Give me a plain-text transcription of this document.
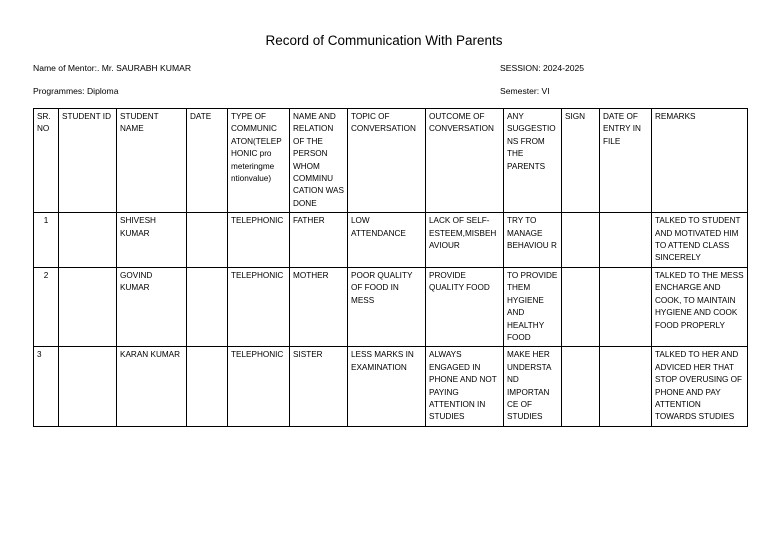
Record of Communication With Parents
Name of Mentor:. Mr. SAURABH KUMAR	SESSION: 2024-2025
Programmes: Diploma	Semester: VI
SR. NO	STUDENT ID	STUDENT NAME	DATE	TYPE OF COMMUNIC ATON(TELEP HONIC pro meteringme ntionvalue)	NAME AND RELATION OF THE PERSON WHOM COMMINU CATION WAS DONE	TOPIC OF CONVERSATION	OUTCOME OF CONVERSATION	ANY SUGGESTIO NS FROM THE PARENTS	SIGN	DATE OF ENTRY IN FILE	REMARKS
1		SHIVESH KUMAR		TELEPHONIC	FATHER	LOW ATTENDANCE	LACK OF SELF-ESTEEM,MISBEH AVIOUR	TRY TO MANAGE BEHAVIOU R			TALKED TO STUDENT AND MOTIVATED HIM TO ATTEND CLASS SINCERELY
2		GOVIND KUMAR		TELEPHONIC	MOTHER	POOR QUALITY OF FOOD IN MESS	PROVIDE QUALITY FOOD	TO PROVIDE THEM HYGIENE AND HEALTHY FOOD			TALKED TO THE MESS ENCHARGE AND COOK, TO MAINTAIN HYGIENE AND COOK FOOD PROPERLY
3		KARAN KUMAR		TELEPHONIC	SISTER	LESS MARKS IN EXAMINATION	ALWAYS ENGAGED IN PHONE AND NOT PAYING ATTENTION IN STUDIES	MAKE HER UNDERSTA ND IMPORTAN CE OF STUDIES			TALKED TO HER AND ADVICED HER THAT STOP OVERUSING OF PHONE AND PAY ATTENTION TOWARDS STUDIES
